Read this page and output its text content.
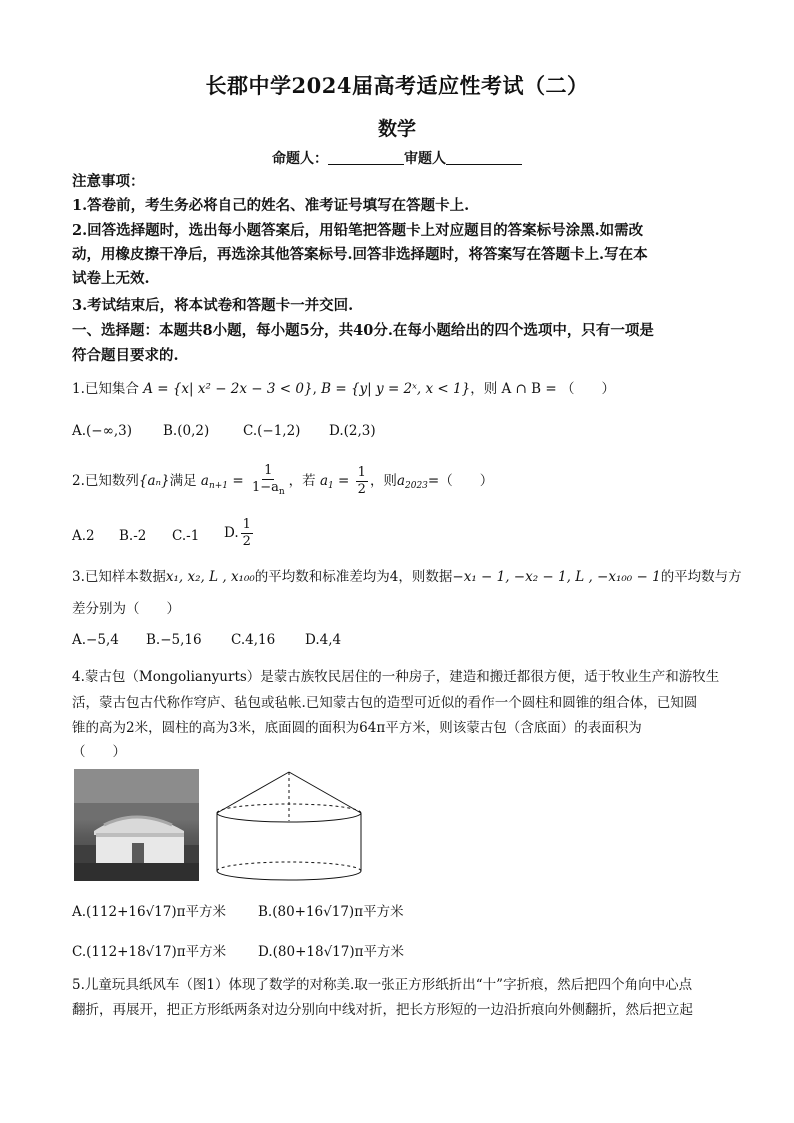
长郡中学2024届高考适应性考试（二）
数学
命题人：	审题人
注意事项：
1.答卷前，考生务必将自己的姓名、准考证号填写在答题卡上.
2.回答选择题时，选出每小题答案后，用铅笔把答题卡上对应题目的答案标号涂黑.如需改
动，用橡皮擦干净后，再选涂其他答案标号.回答非选择题时，将答案写在答题卡上.写在本
试卷上无效.
3.考试结束后，将本试卷和答题卡一并交回.
一、选择题：本题共8小题，每小题5分，共40分.在每小题给出的四个选项中，只有一项是
符合题目要求的.
1.已知集合 A = {x| x² − 2x − 3 < 0}, B = {y| y = 2ˣ, x < 1}，则 A ∩ B = （　　）
A.(−∞,3) B.(0,2)	C.(−1,2) D.(2,3)
2.已知数列{aₙ}满足 $a_{n+1} = \frac{1}{1-a_n}$ ，若 $a_1 = \frac{1}{2}$ ，则$a_{2023}=$（　　）
A.2 B.-2 C.-1 D. $\frac{1}{2}$
3.已知样本数据x₁, x₂, L , x₁₀₀的平均数和标准差均为4，则数据−x₁ − 1, −x₂ − 1, L , −x₁₀₀ − 1的平均数与方
差分别为（　　）
A.−5,4 B.−5,16 C.4,16 D.4,4
4.蒙古包（Mongolianyurts）是蒙古族牧民居住的一种房子，建造和搬迁都很方便，适于牧业生产和游牧生
活，蒙古包古代称作穹庐、毡包或毡帐.已知蒙古包的造型可近似的看作一个圆柱和圆锥的组合体，已知圆
锥的高为2米，圆柱的高为3米，底面圆的面积为64π平方米，则该蒙古包（含底面）的表面积为
（　　）
A.(112+16√17)π平方米 B.(80+16√17)π平方米
C.(112+18√17)π平方米 D.(80+18√17)π平方米
5.儿童玩具纸风车（图1）体现了数学的对称美.取一张正方形纸折出“十”字折痕，然后把四个角向中心点
翻折，再展开，把正方形纸两条对边分别向中线对折，把长方形短的一边沿折痕向外侧翻折，然后把立起
